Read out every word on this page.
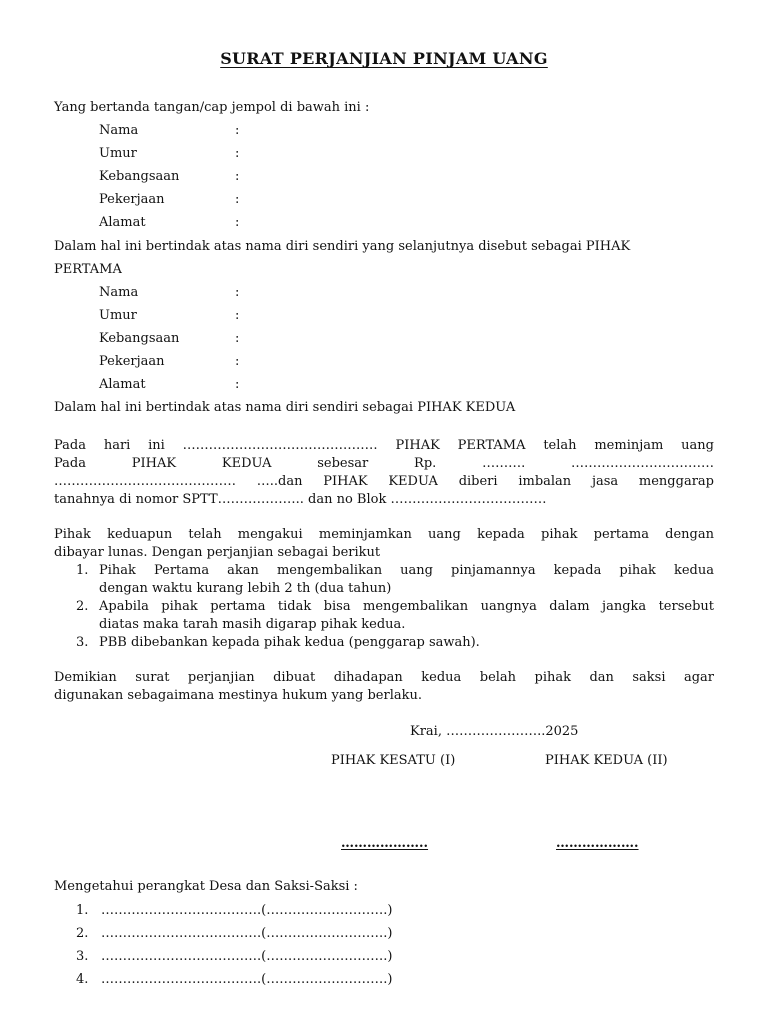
SURAT PERJANJIAN PINJAM UANG
Yang bertanda tangan/cap jempol di bawah ini :
Nama	:
Umur	:
Kebangsaan	:
Pekerjaan	:
Alamat	:
Dalam hal ini bertindak atas nama diri sendiri yang selanjutnya disebut sebagai PIHAK
PERTAMA
Nama	:
Umur	:
Kebangsaan	:
Pekerjaan	:
Alamat	:
Dalam hal ini bertindak atas nama diri sendiri sebagai PIHAK KEDUA
Pada hari ini ……………………………………… PIHAK PERTAMA telah meminjam uang
Pada PIHAK KEDUA sebesar Rp. ………. ……………………………
…………………………………… …..dan PIHAK KEDUA diberi imbalan jasa menggarap
tanahnya di nomor SPTT……………….. dan no Blok ………………………………
Pihak keduapun telah mengakui meminjamkan uang kepada pihak pertama dengan
dibayar lunas. Dengan perjanjian sebagai berikut
1. Pihak Pertama akan mengembalikan uang pinjamannya kepada pihak kedua
dengan waktu kurang lebih 2 th (dua tahun)
2. Apabila pihak pertama tidak bisa mengembalikan uangnya dalam jangka tersebut
diatas maka tarah masih digarap pihak kedua.
3. PBB dibebankan kepada pihak kedua (penggarap sawah).
Demikian surat perjanjian dibuat dihadapan kedua belah pihak dan saksi agar
digunakan sebagaimana mestinya hukum yang berlaku.
Krai, …………………..2025
PIHAK KESATU (I)	PIHAK KEDUA (II)
………………..	……………….
Mengetahui perangkat Desa dan Saksi-Saksi :
1. ……………………………….(……………………….)
2. ……………………………….(……………………….)
3. ……………………………….(……………………….)
4. ……………………………….(……………………….)
